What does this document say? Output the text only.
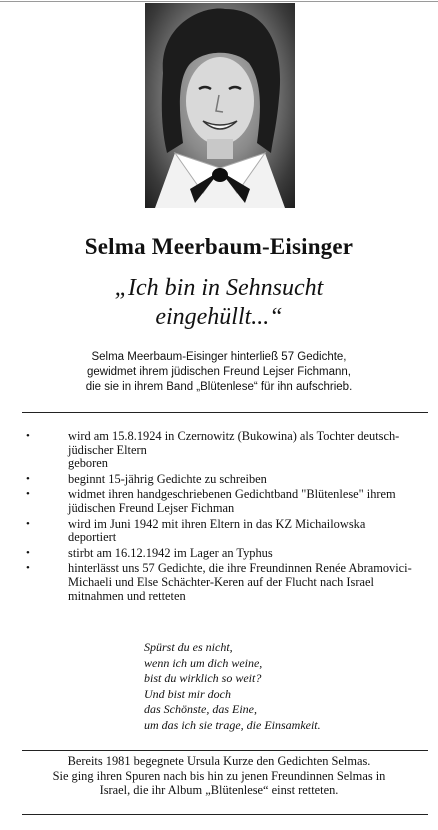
Selma Meerbaum-Eisinger
„Ich bin in Sehnsucht
eingehüllt...“
Selma Meerbaum-Eisinger hinterließ 57 Gedichte,
gewidmet ihrem jüdischen Freund Lejser Fichmann,
die sie in ihrem Band „Blütenlese“ für ihn aufschrieb.
•	wird am 15.8.1924 in Czernowitz (Bukowina) als Tochter deutsch-
jüdischer Eltern
geboren
•	beginnt 15-jährig Gedichte zu schreiben
•	widmet ihren handgeschriebenen Gedichtband "Blütenlese" ihrem
jüdischen Freund Lejser Fichman
•	wird im Juni 1942 mit ihren Eltern in das KZ Michailowska
deportiert
•	stirbt am 16.12.1942 im Lager an Typhus
•	hinterlässt uns 57 Gedichte, die ihre Freundinnen Renée Abramovici-
Michaeli und Else Schächter-Keren auf der Flucht nach Israel
mitnahmen und retteten
Spürst du es nicht,
wenn ich um dich weine,
bist du wirklich so weit?
Und bist mir doch
das Schönste, das Eine,
um das ich sie trage, die Einsamkeit.
Bereits 1981 begegnete Ursula Kurze den Gedichten Selmas.
Sie ging ihren Spuren nach bis hin zu jenen Freundinnen Selmas in
Israel, die ihr Album „Blütenlese“ einst retteten.
